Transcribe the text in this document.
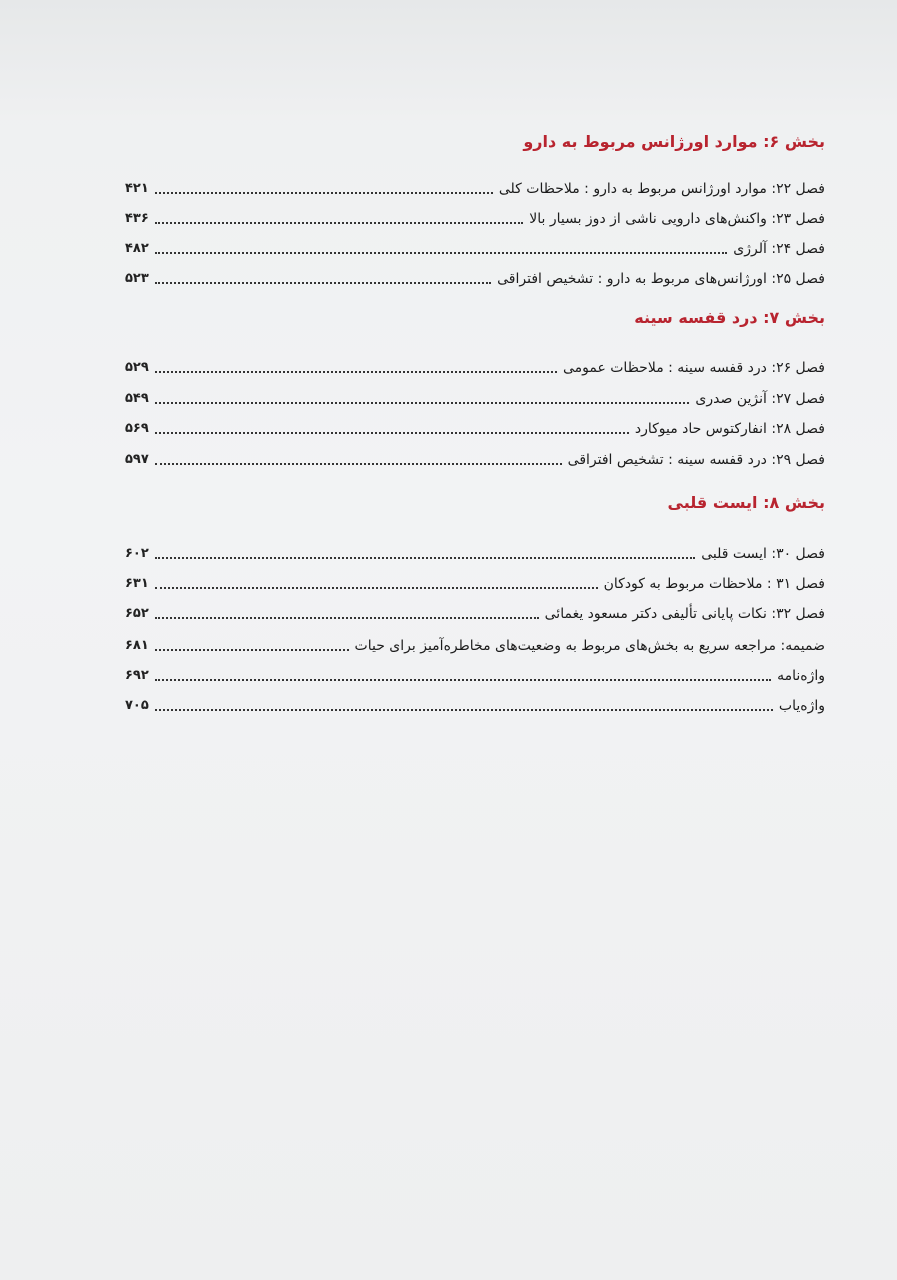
بخش ۶: موارد اورژانس مربوط به دارو
فصل ۲۲: موارد اورژانس مربوط به دارو : ملاحظات کلی
۴۲۱
فصل ۲۳: واکنش‌های دارویی ناشی از دوز بسیار بالا
۴۳۶
فصل ۲۴: آلرژی
۴۸۲
فصل ۲۵: اورژانس‌های مربوط به دارو : تشخیص افتراقی
۵۲۳
بخش ۷: درد قفسه سینه
فصل ۲۶: درد قفسه سینه : ملاحظات عمومی
۵۲۹
فصل ۲۷: آنژین صدری
۵۴۹
فصل ۲۸: انفارکتوس حاد میوکارد
۵۶۹
فصل ۲۹: درد قفسه سینه : تشخیص افتراقی
۵۹۷
بخش ۸: ایست قلبی
فصل ۳۰: ایست قلبی
۶۰۲
فصل ۳۱ : ملاحظات مربوط به کودکان
۶۳۱
فصل ۳۲: نکات پایانی تألیفی دکتر مسعود یغمائی
۶۵۲
ضمیمه: مراجعه سریع به بخش‌های مربوط به وضعیت‌های مخاطره‌آمیز برای حیات
۶۸۱
واژه‌نامه
۶۹۲
واژه‌یاب
۷۰۵
